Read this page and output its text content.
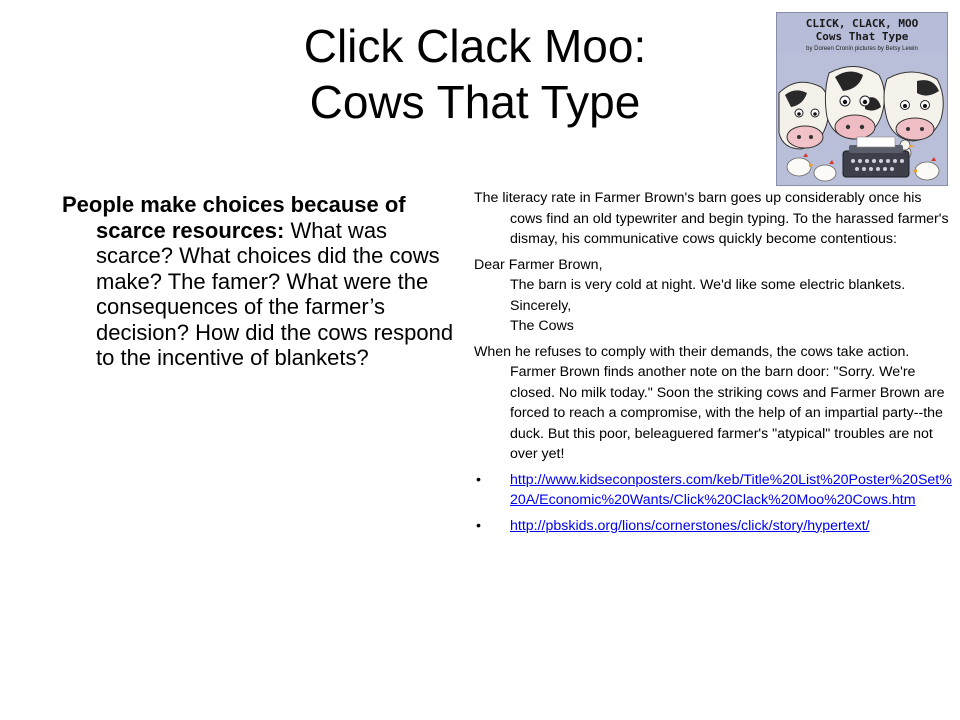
Click Clack Moo:
Cows That Type
CLICK, CLACK, MOO
Cows That Type
by Doreen Cronin pictures by Betsy Lewin

People make choices because of scarce resources: What was scarce? What choices did the cows make? The famer? What were the consequences of the farmer’s decision? How did the cows respond to the incentive of blankets?

The literacy rate in Farmer Brown's barn goes up considerably once his cows find an old typewriter and begin typing. To the harassed farmer's dismay, his communicative cows quickly become contentious:
Dear Farmer Brown,
The barn is very cold at night. We'd like some electric blankets.
Sincerely,
The Cows
When he refuses to comply with their demands, the cows take action. Farmer Brown finds another note on the barn door: "Sorry. We're closed. No milk today." Soon the striking cows and Farmer Brown are forced to reach a compromise, with the help of an impartial party--the duck. But this poor, beleaguered farmer's "atypical" troubles are not over yet!
• http://www.kidseconposters.com/keb/Title%20List%20Poster%20Set%20A/Economic%20Wants/Click%20Clack%20Moo%20Cows.htm
• http://pbskids.org/lions/cornerstones/click/story/hypertext/
